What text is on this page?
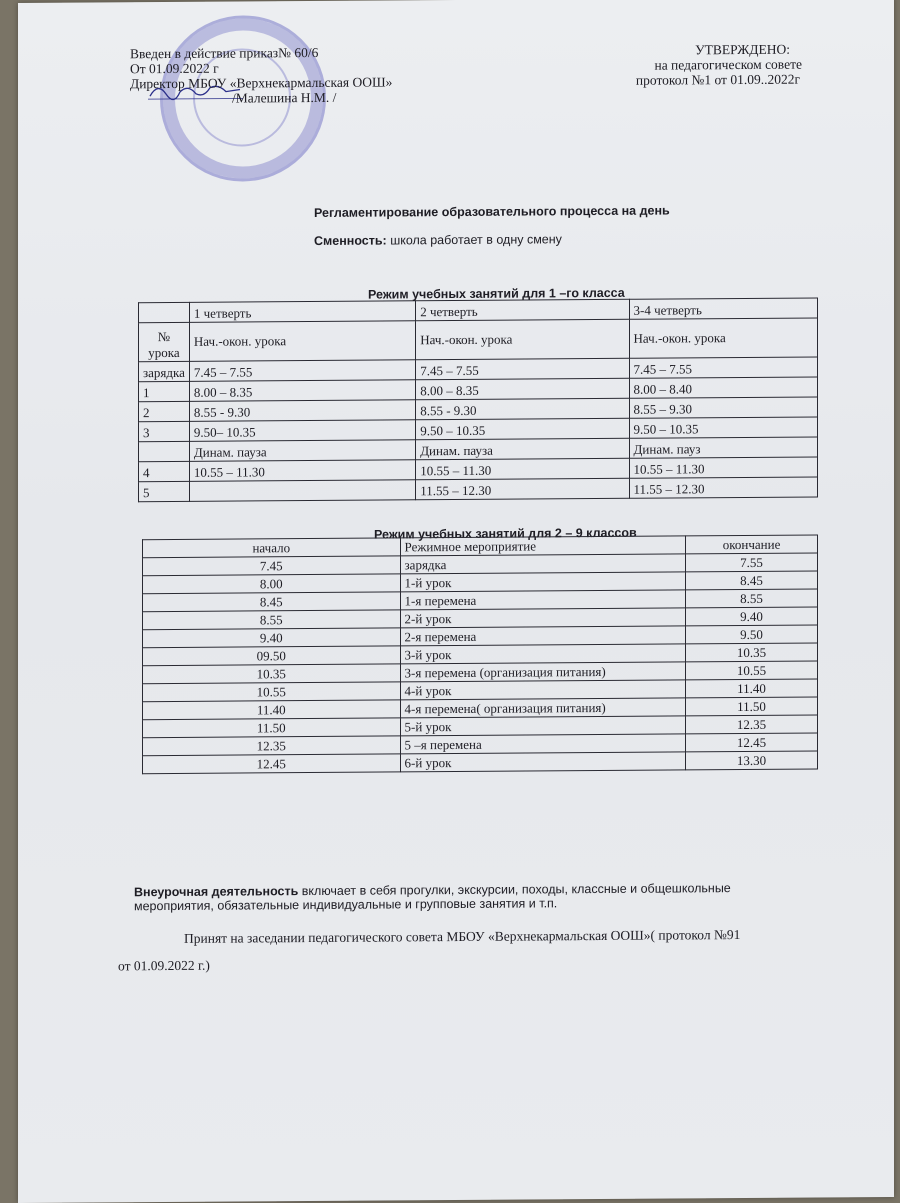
Введен в действие приказ№ 60/6
От 01.09.2022 г
Директор МБОУ «Верхнекармальская ООШ»
/Малешина Н.М. /
УТВЕРЖДЕНО:
на педагогическом совете
протокол №1 от 01.09..2022г
Регламентирование образовательного процесса на день
Сменность: школа работает в одну смену
Режим учебных занятий для 1 –го класса
	1 четверть	2 четверть	3-4 четверть
№ урока	Нач.-окон. урока	Нач.-окон. урока	Нач.-окон. урока
зарядка	7.45 – 7.55	7.45 – 7.55	7.45 – 7.55
1	8.00 – 8.35	8.00 – 8.35	8.00 – 8.40
2	8.55 - 9.30	8.55 - 9.30	8.55 – 9.30
3	9.50– 10.35	9.50 – 10.35	9.50 – 10.35
	Динам. пауза	Динам. пауза	Динам. пауз
4	10.55 – 11.30	10.55 – 11.30	10.55 – 11.30
5		11.55 – 12.30	11.55 – 12.30
Режим учебных занятий для 2 – 9 классов
начало	Режимное мероприятие	окончание
7.45	зарядка	7.55
8.00	1-й урок	8.45
8.45	1-я перемена	8.55
8.55	2-й урок	9.40
9.40	2-я перемена	9.50
09.50	3-й урок	10.35
10.35	3-я перемена (организация питания)	10.55
10.55	4-й урок	11.40
11.40	4-я перемена( организация питания)	11.50
11.50	5-й урок	12.35
12.35	5 –я перемена	12.45
12.45	6-й урок	13.30
Внеурочная деятельность включает в себя прогулки, экскурсии, походы, классные и общешкольные
мероприятия, обязательные индивидуальные и групповые занятия и т.п.
Принят на заседании педагогического совета МБОУ «Верхнекармальская ООШ»( протокол №91
от 01.09.2022 г.)
